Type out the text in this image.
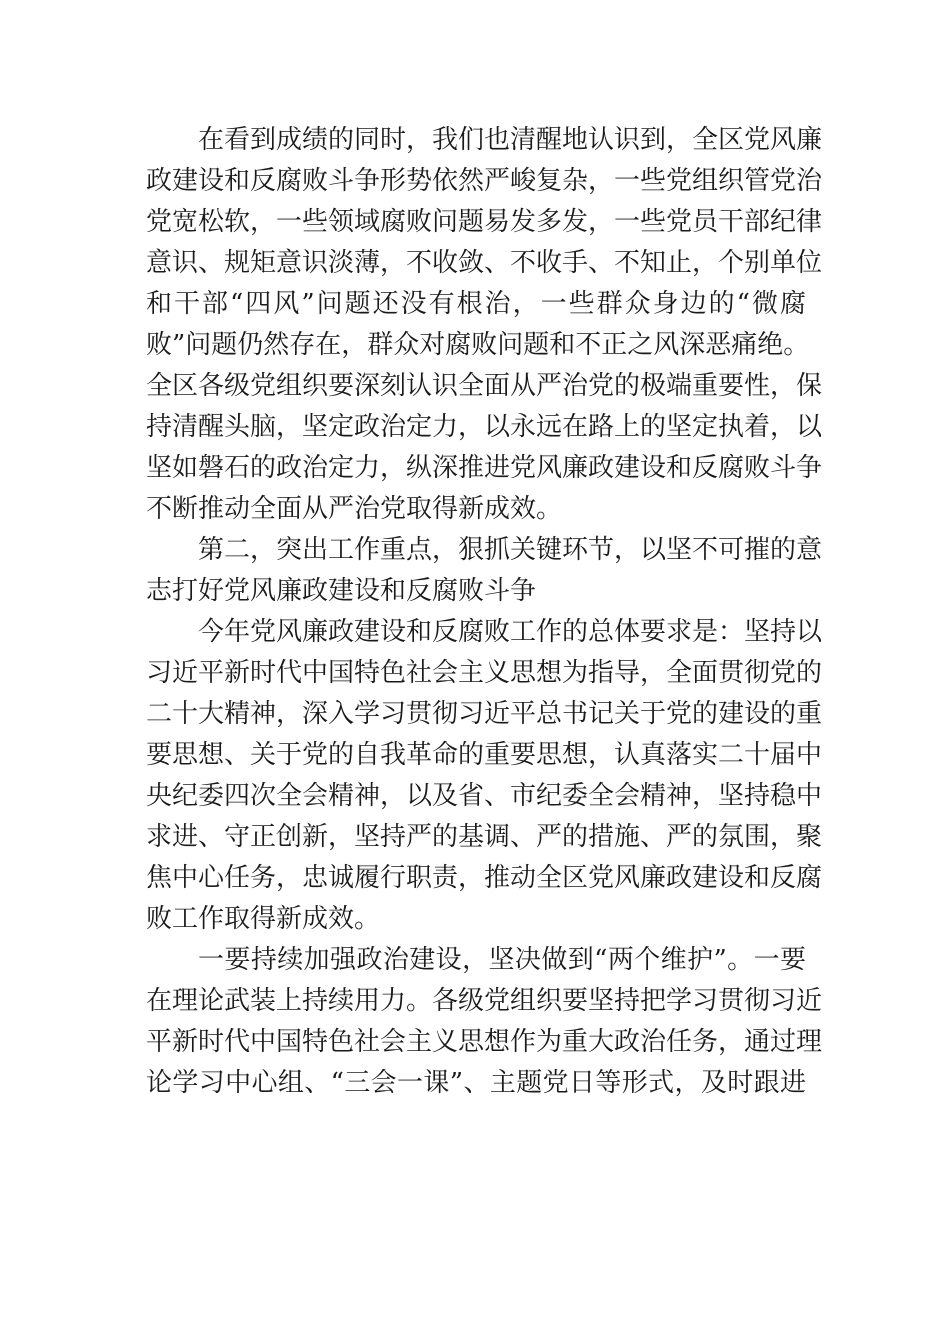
在看到成绩的同时，我们也清醒地认识到，全区党风廉
政建设和反腐败斗争形势依然严峻复杂，一些党组织管党治
党宽松软，一些领域腐败问题易发多发，一些党员干部纪律
意识、规矩意识淡薄，不收敛、不收手、不知止，个别单位
和干部“四风”问题还没有根治，一些群众身边的“微腐
败”问题仍然存在，群众对腐败问题和不正之风深恶痛绝。
全区各级党组织要深刻认识全面从严治党的极端重要性，保
持清醒头脑，坚定政治定力，以永远在路上的坚定执着，以
坚如磐石的政治定力，纵深推进党风廉政建设和反腐败斗争
不断推动全面从严治党取得新成效。
第二，突出工作重点，狠抓关键环节，以坚不可摧的意
志打好党风廉政建设和反腐败斗争
今年党风廉政建设和反腐败工作的总体要求是：坚持以
习近平新时代中国特色社会主义思想为指导，全面贯彻党的
二十大精神，深入学习贯彻习近平总书记关于党的建设的重
要思想、关于党的自我革命的重要思想，认真落实二十届中
央纪委四次全会精神，以及省、市纪委全会精神，坚持稳中
求进、守正创新，坚持严的基调、严的措施、严的氛围，聚
焦中心任务，忠诚履行职责，推动全区党风廉政建设和反腐
败工作取得新成效。
一要持续加强政治建设，坚决做到“两个维护”。一要
在理论武装上持续用力。各级党组织要坚持把学习贯彻习近
平新时代中国特色社会主义思想作为重大政治任务，通过理
论学习中心组、“三会一课”、主题党日等形式，及时跟进
